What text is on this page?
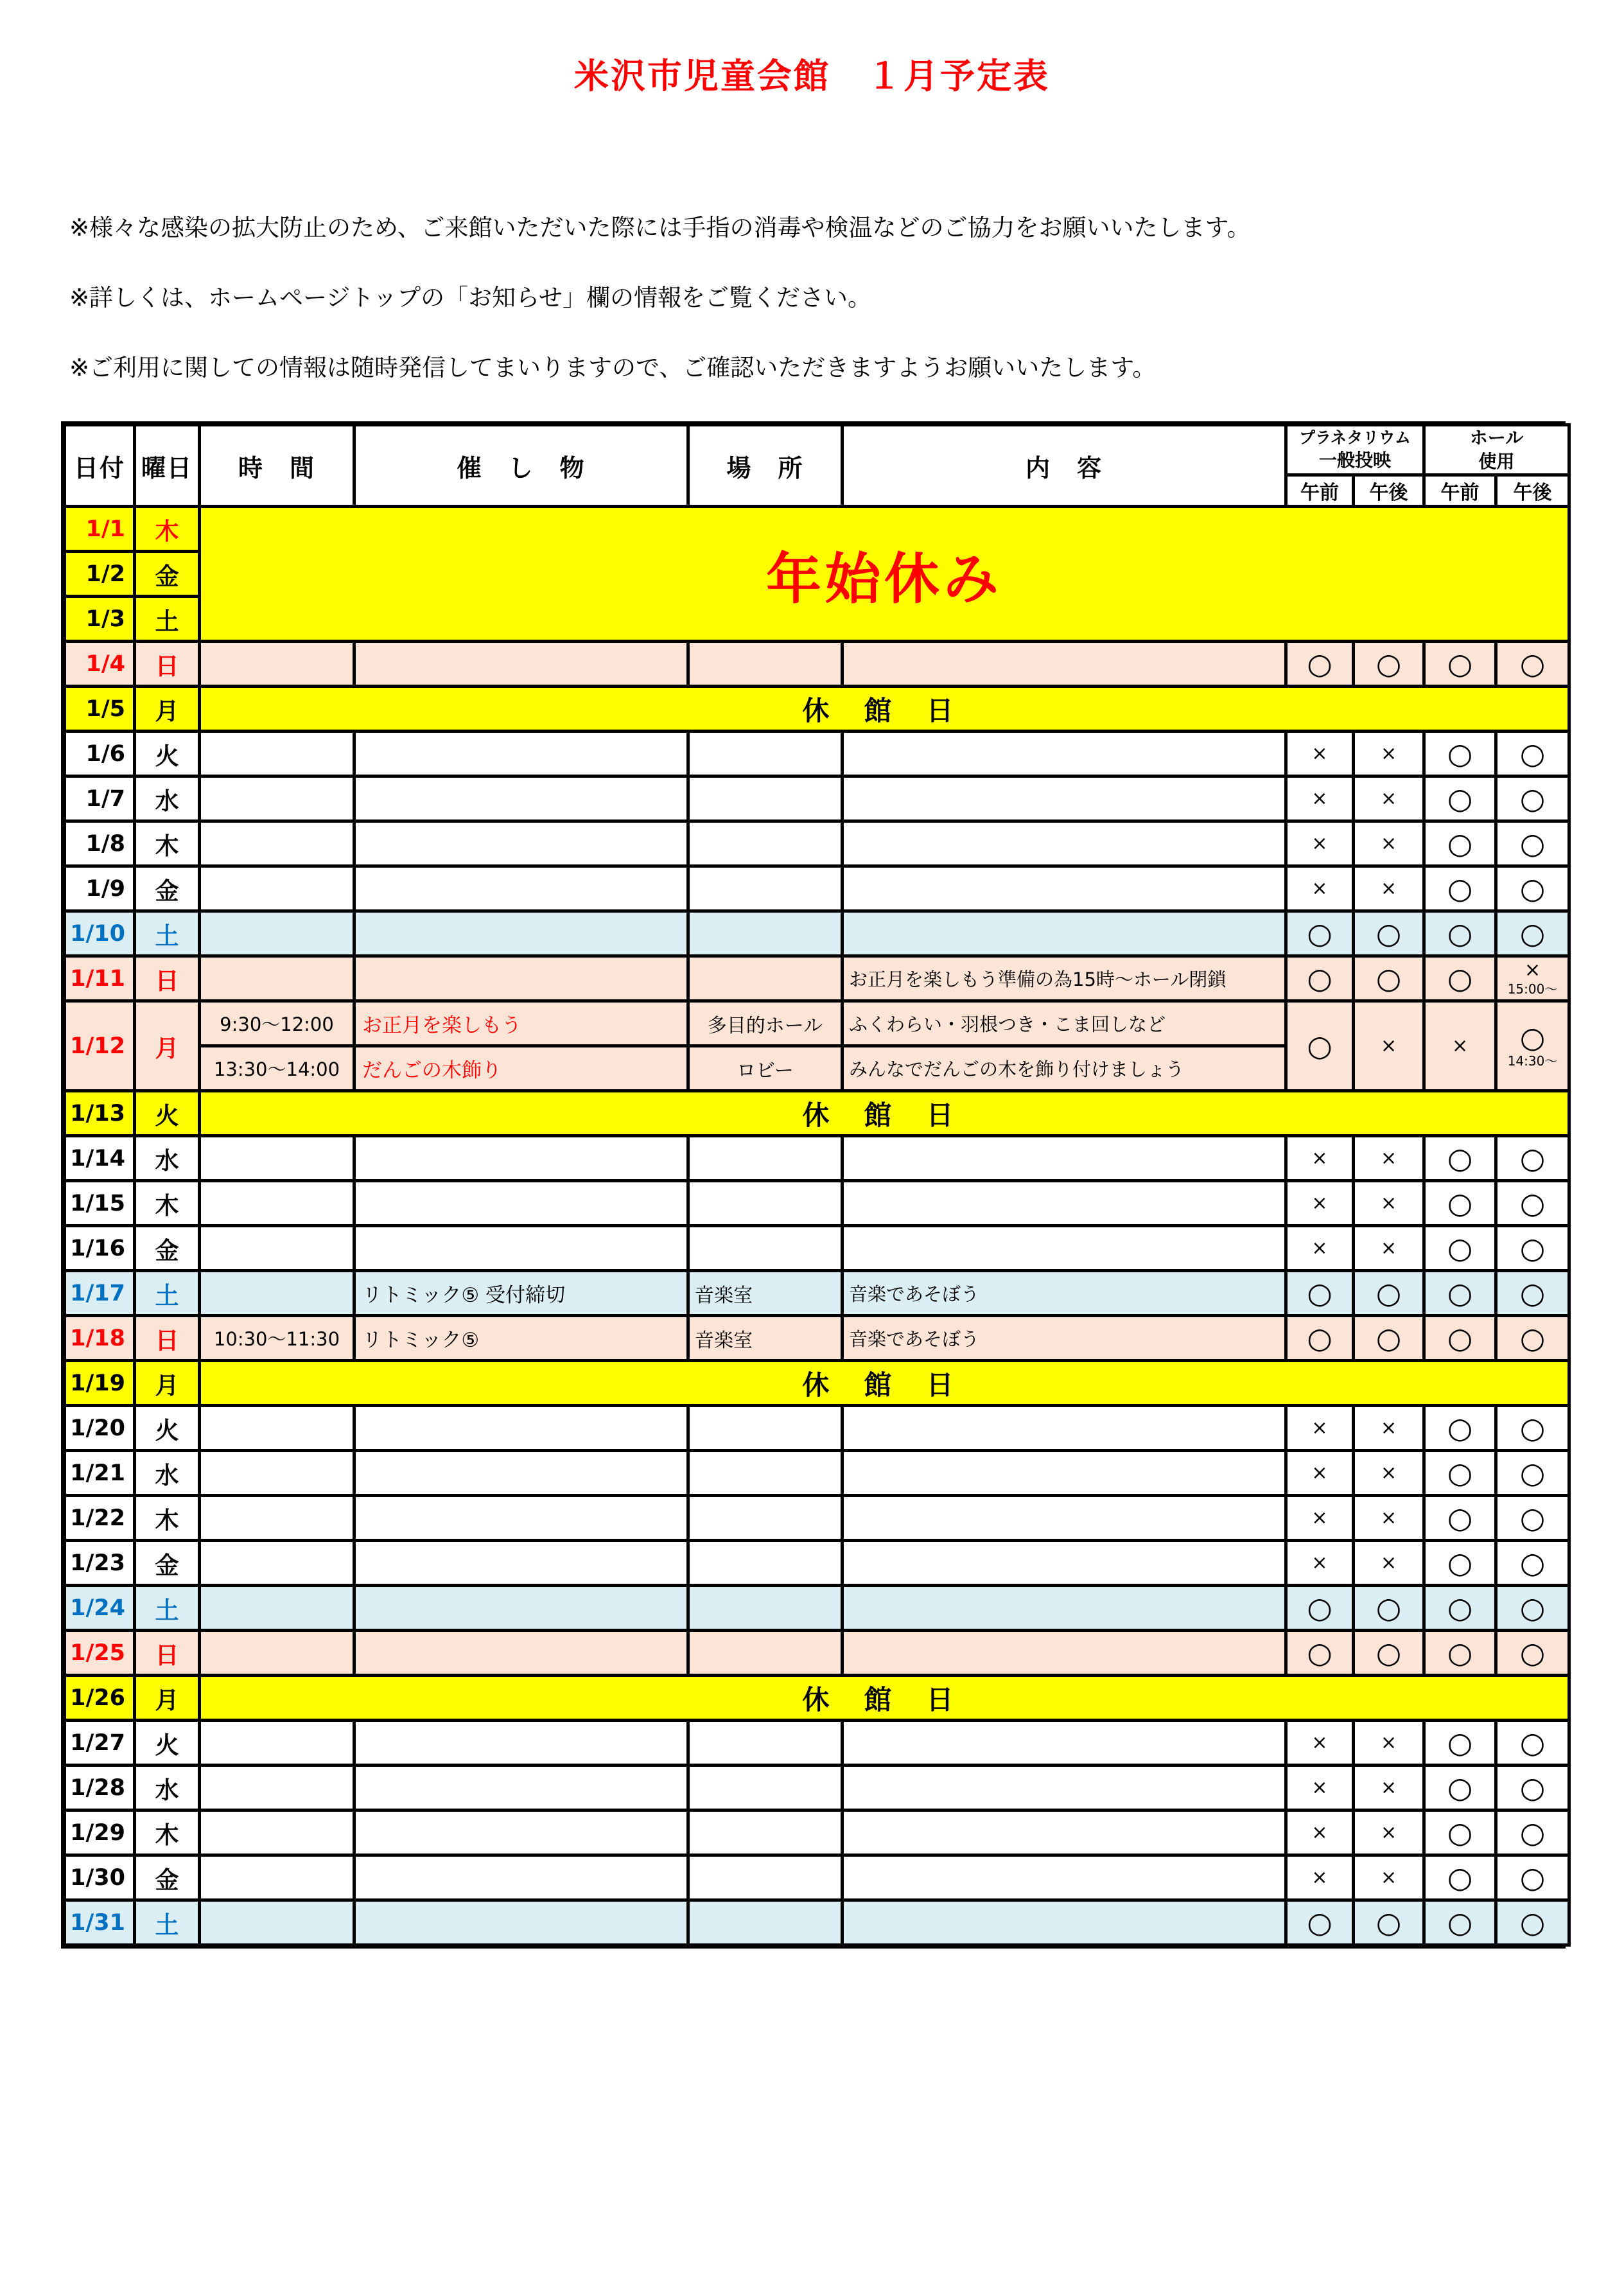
米沢市児童会館　１月予定表
※様々な感染の拡大防止のため、ご来館いただいた際には手指の消毒や検温などのご協力をお願いいたします。
※詳しくは、ホームページトップの「お知らせ」欄の情報をご覧ください。
※ご利用に関しての情報は随時発信してまいりますので、ご確認いただきますようお願いいたします。
日付	曜日	時　間	催　し　物	場　所	内　容	
プラネタリウム
一般投映

ホール
使用

						午前	午後	午前	午後
1/1	木	年始休み							
1/2	金								
1/3	土								
1/4	日					○	○	○	○
1/5	月	休 館 日							
1/6	火					×	×	○	○
1/7	水					×	×	○	○
1/8	木					×	×	○	○
1/9	金					×	×	○	○
1/10	土					○	○	○	○
1/11	日				お正月を楽しもう準備の為15時～ホール閉鎖	○	○	○	×
15:00～

1/12	月	9:30～12:00	お正月を楽しもう	多目的ホール	ふくわらい・羽根つき・こま回しなど	○	×	×	○
14:30～

		13:30～14:00	だんごの木飾り	ロビー	みんなでだんごの木を飾り付けましょう				
1/13	火	休 館 日							
1/14	水					×	×	○	○
1/15	木					×	×	○	○
1/16	金					×	×	○	○
1/17	土		リトミック⑤ 受付締切	音楽室	音楽であそぼう	○	○	○	○
1/18	日	10:30～11:30	リトミック⑤	音楽室	音楽であそぼう	○	○	○	○
1/19	月	休 館 日							
1/20	火					×	×	○	○
1/21	水					×	×	○	○
1/22	木					×	×	○	○
1/23	金					×	×	○	○
1/24	土					○	○	○	○
1/25	日					○	○	○	○
1/26	月	休 館 日							
1/27	火					×	×	○	○
1/28	水					×	×	○	○
1/29	木					×	×	○	○
1/30	金					×	×	○	○
1/31	土					○	○	○	○
